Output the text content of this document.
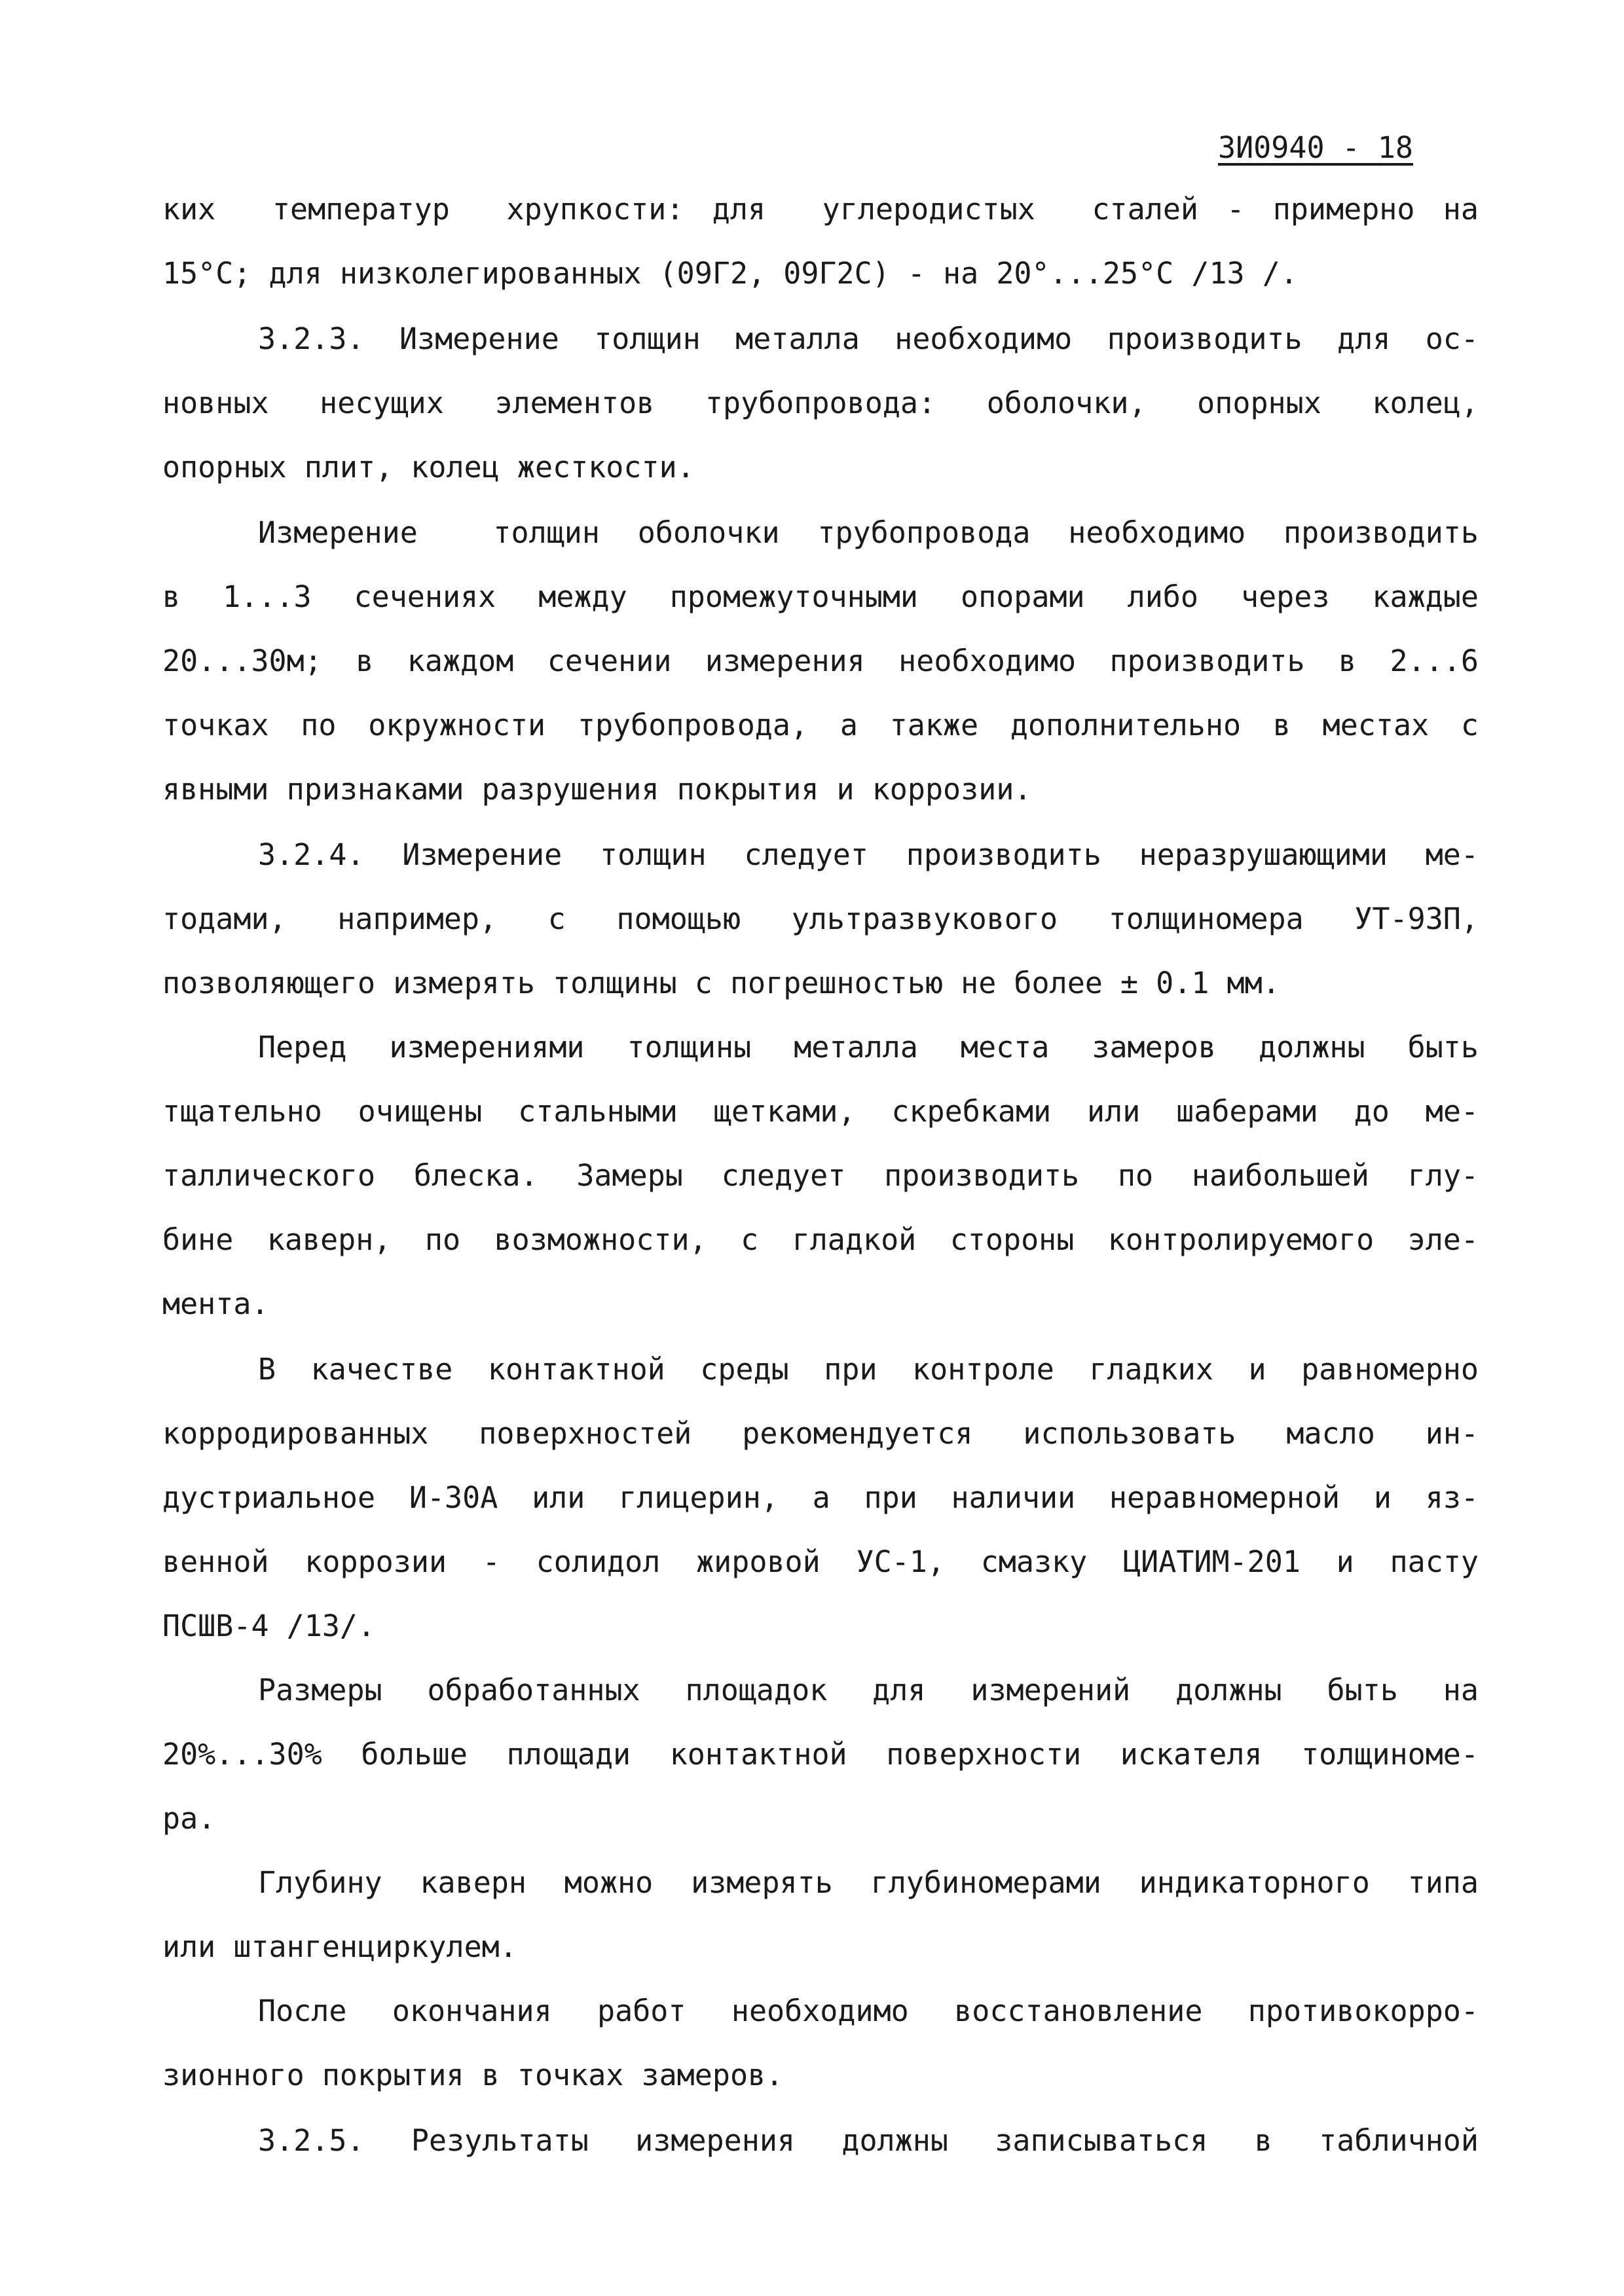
ЗИ0940 - 18

ких  температур  хрупкости: для  углеродистых  сталей - примерно на

15°С; для низколегированных (09Г2, 09Г2С) - на 20°...25°С /13 /.

3.2.3. Измерение толщин металла необходимо производить для ос-

новных несущих элементов трубопровода: оболочки, опорных колец,

опорных плит, колец жесткости.

Измерение  толщин оболочки трубопровода необходимо производить

в 1...3 сечениях между промежуточными опорами либо через каждые

20...30м; в каждом сечении измерения необходимо производить в 2...6

точках по окружности трубопровода, а также дополнительно в местах с

явными признаками разрушения покрытия и коррозии.

3.2.4. Измерение толщин следует производить неразрушающими ме-

тодами, например, с помощью ультразвукового толщиномера УТ-93П,

позволяющего измерять толщины с погрешностью не более ± 0.1 мм.

Перед измерениями толщины металла места замеров должны быть

тщательно очищены стальными щетками, скребками или шаберами до ме-

таллического блеска. Замеры следует производить по наибольшей глу-

бине каверн, по возможности, с гладкой стороны контролируемого эле-

мента.

В качестве контактной среды при контроле гладких и равномерно

корродированных поверхностей рекомендуется использовать масло ин-

дустриальное И-30А или глицерин, а при наличии неравномерной и яз-

венной коррозии - солидол жировой УС-1, смазку ЦИАТИМ-201 и пасту

ПСШВ-4 /13/.

Размеры обработанных площадок для измерений должны быть на

20%...30% больше площади контактной поверхности искателя толщиноме-

ра.

Глубину каверн можно измерять глубиномерами индикаторного типа

или штангенциркулем.

После окончания работ необходимо восстановление противокорро-

зионного покрытия в точках замеров.

3.2.5. Результаты измерения должны записываться в табличной
